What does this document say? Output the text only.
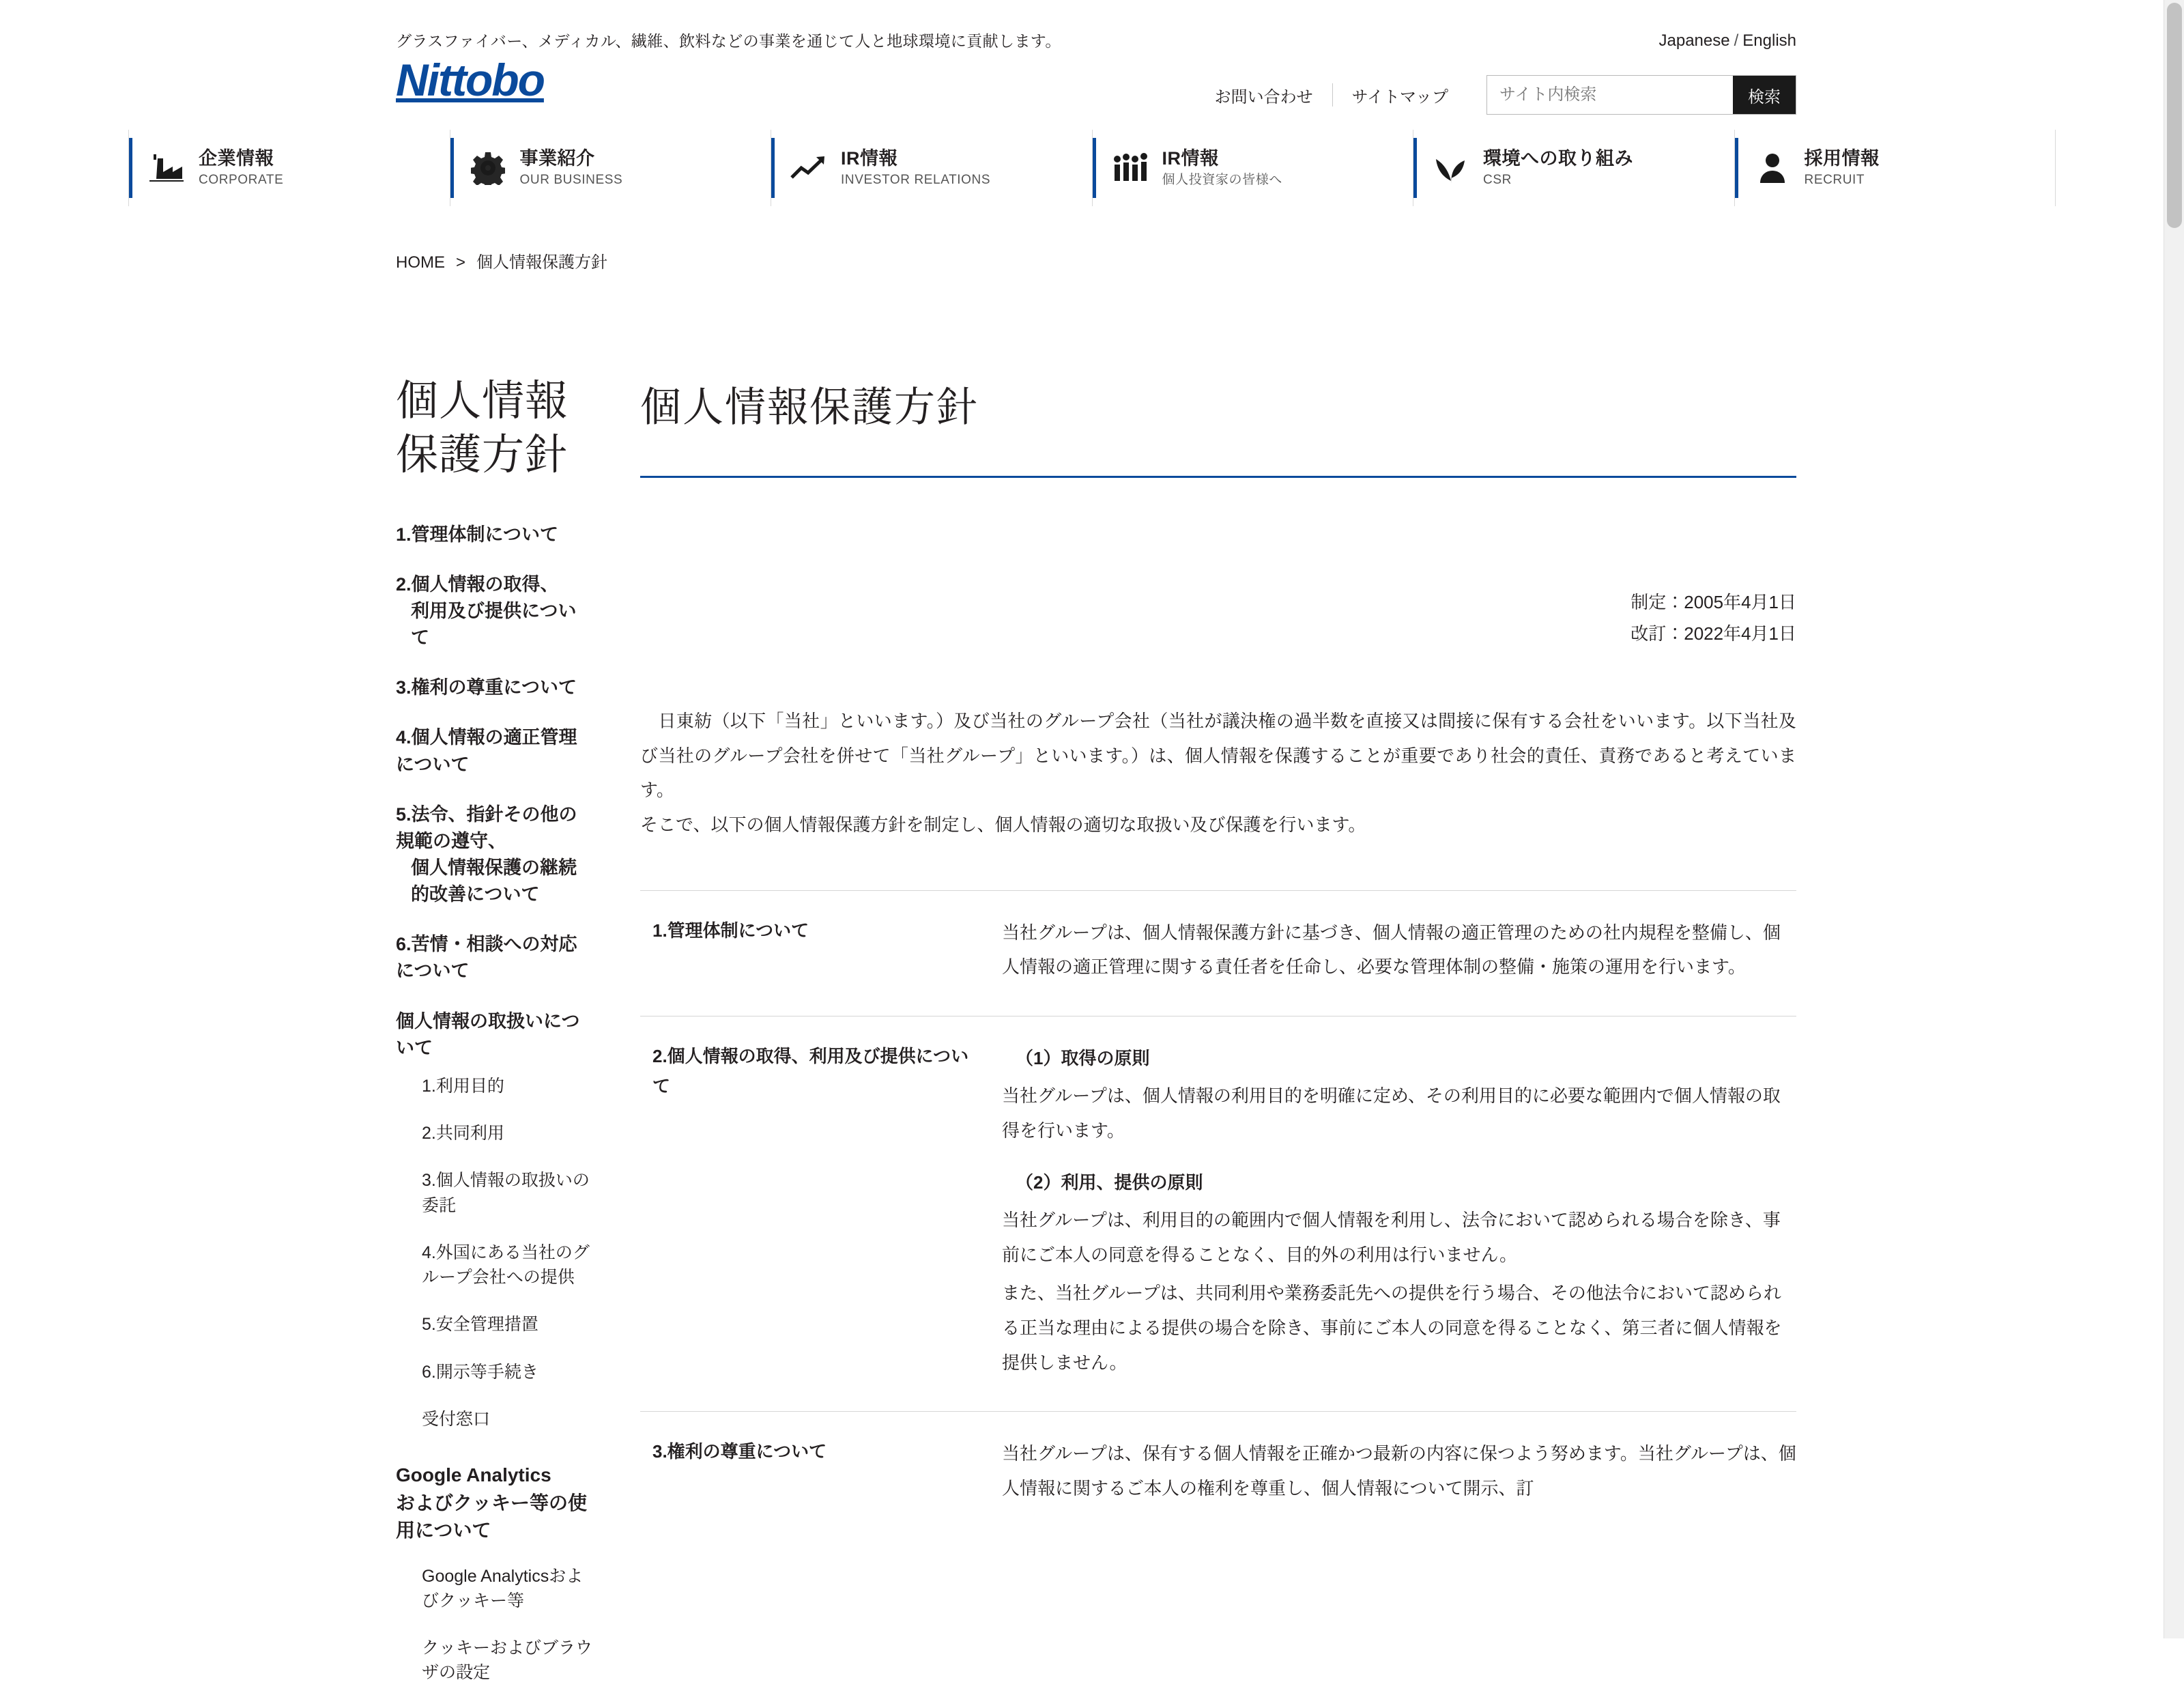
グラスファイバー、メディカル、繊維、飲料などの事業を通じて人と地球環境に貢献します。
Nittobo
Japanese / English
お問い合わせ	サイトマップ
サイト内検索	検索
企業情報
CORPORATE
事業紹介
OUR BUSINESS
IR情報
INVESTOR RELATIONS
IR情報
個人投資家の皆様へ
環境への取り組み
CSR
採用情報
RECRUIT
HOME > 個人情報保護方針
個人情報
保護方針
1.管理体制について
2.個人情報の取得、
利用及び提供について
3.権利の尊重について
4.個人情報の適正管理について
5.法令、指針その他の規範の遵守、
個人情報保護の継続的改善について
6.苦情・相談への対応について
個人情報の取扱いについて
1.利用目的
2.共同利用
3.個人情報の取扱いの委託
4.外国にある当社のグループ会社への提供
5.安全管理措置
6.開示等手続き
受付窓口
Google Analytics
およびクッキー等の使用について
Google Analyticsおよびクッキー等
クッキーおよびブラウザの設定
個人情報保護方針
制定：2005年4月1日
改訂：2022年4月1日
　日東紡（以下「当社」といいます。）及び当社のグループ会社（当社が議決権の過半数を直接又は間接に保有する会社をいいます。以下当社及び当社のグループ会社を併せて「当社グループ」といいます。）は、個人情報を保護することが重要であり社会的責任、責務であると考えています。
そこで、以下の個人情報保護方針を制定し、個人情報の適切な取扱い及び保護を行います。
1.管理体制について	当社グループは、個人情報保護方針に基づき、個人情報の適正管理のための社内規程を整備し、個人情報の適正管理に関する責任者を任命し、必要な管理体制の整備・施策の運用を行います。

2.個人情報の取得、利用及び提供について	（1）取得の原則

当社グループは、個人情報の利用目的を明確に定め、その利用目的に必要な範囲内で個人情報の取得を行います。

（2）利用、提供の原則

当社グループは、利用目的の範囲内で個人情報を利用し、法令において認められる場合を除き、事前にご本人の同意を得ることなく、目的外の利用は行いません。

また、当社グループは、共同利用や業務委託先への提供を行う場合、その他法令において認められる正当な理由による提供の場合を除き、事前にご本人の同意を得ることなく、第三者に個人情報を提供しません。

3.権利の尊重について	当社グループは、保有する個人情報を正確かつ最新の内容に保つよう努めます。当社グループは、個人情報に関するご本人の権利を尊重し、個人情報について開示、訂
